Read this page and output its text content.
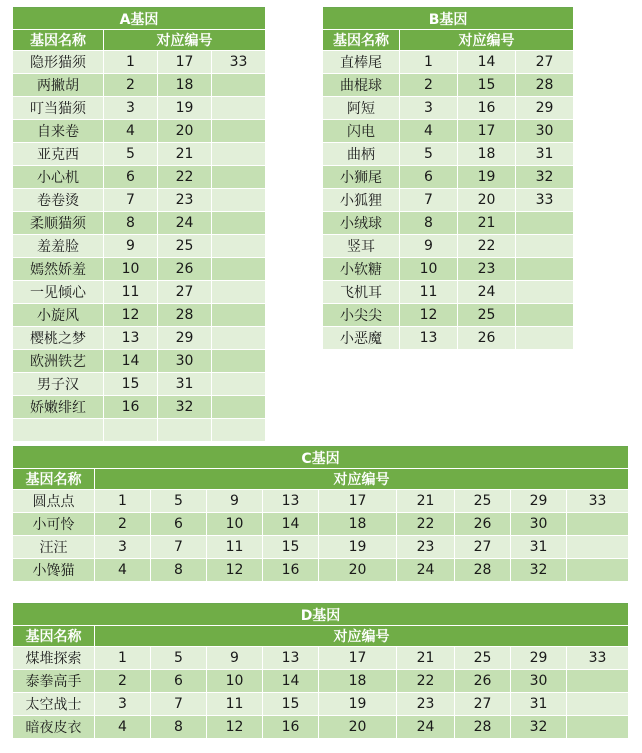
A基因			
基因名称	对应编号		
隐形猫须	1	17	33
两撇胡	2	18	
叮当猫须	3	19	
自来卷	4	20	
亚克西	5	21	
小心机	6	22	
卷卷烫	7	23	
柔顺猫须	8	24	
羞羞脸	9	25	
嫣然娇羞	10	26	
一见倾心	11	27	
小旋风	12	28	
樱桃之梦	13	29	
欧洲铁艺	14	30	
男子汉	15	31	
娇嫩绯红	16	32	

B基因			
基因名称	对应编号		
直棒尾	1	14	27
曲棍球	2	15	28
阿短	3	16	29
闪电	4	17	30
曲柄	5	18	31
小狮尾	6	19	32
小狐狸	7	20	33
小绒球	8	21	
竖耳	9	22	
小软糖	10	23	
飞机耳	11	24	
小尖尖	12	25	
小恶魔	13	26	
C基因									
基因名称	对应编号								
圆点点	1	5	9	13	17	21	25	29	33
小可怜	2	6	10	14	18	22	26	30	
汪汪	3	7	11	15	19	23	27	31	
小馋猫	4	8	12	16	20	24	28	32	
D基因									
基因名称	对应编号								
煤堆探索	1	5	9	13	17	21	25	29	33
泰拳高手	2	6	10	14	18	22	26	30	
太空战士	3	7	11	15	19	23	27	31	
暗夜皮衣	4	8	12	16	20	24	28	32	
